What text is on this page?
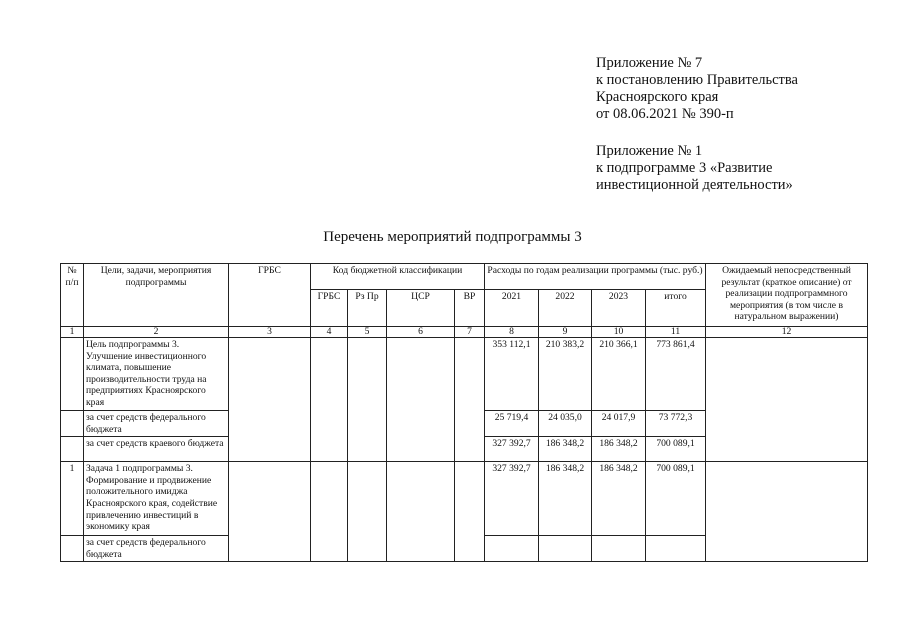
Приложение № 7
к постановлению Правительства
Красноярского края
от 08.06.2021 № 390-п
Приложение № 1
к подпрограмме 3 «Развитие
инвестиционной деятельности»
Перечень мероприятий подпрограммы 3
№ п/п	Цели, задачи, мероприятия подпрограммы	ГРБС	Код бюджетной классификации				Расходы по годам реализации программы (тыс. руб.)				Ожидаемый непосредственный результат (краткое описание) от реализации подпрограммного мероприятия (в том числе в натуральном выражении)
			ГРБС	Рз Пр	ЦСР	ВР	2021	2022	2023	итого	
1	2	3	4	5	6	7	8	9	10	11	12
	Цель подпрограммы 3. Улучшение инвестиционного климата, повышение производительности труда на предприятиях Красноярского края						353 112,1	210 383,2	210 366,1	773 861,4	
	за счет средств федерального бюджета						25 719,4	24 035,0	24 017,9	73 772,3	
	за счет средств краевого бюджета						327 392,7	186 348,2	186 348,2	700 089,1	
1	Задача 1 подпрограммы 3. Формирование и продвижение положительного имиджа Красноярского края, содействие привлечению инвестиций в экономику края						327 392,7	186 348,2	186 348,2	700 089,1	
	за счет средств федерального бюджета										
